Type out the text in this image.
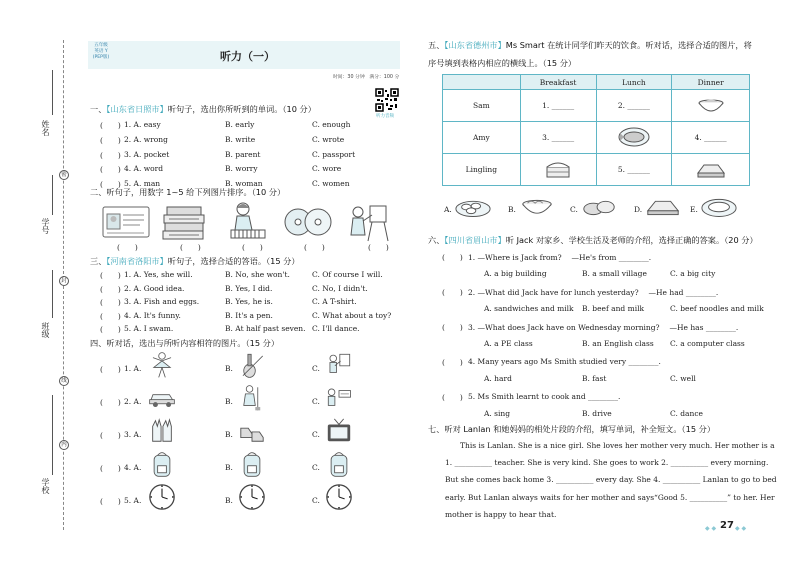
姓名
学号
班级
学校
密
封
线
内
五年级
英语 Y
(PEP版)	听力（一）
时间：30 分钟　满分：100 分
听力音频
一、【山东省日照市】听句子，选出你所听到的单词。（10 分）
二、听句子，用数字 1~5 给下列图片排序。（10 分）
三、【河南省洛阳市】听句子，选择合适的答语。（15 分）
四、听对话，选出与所听内容相符的图片。（15 分）
五、【山东省德州市】Ms Smart 在统计同学们昨天的饮食。听对话，选择合适的图片，将
序号填到表格内相应的横线上。（15 分）
	Breakfast	Lunch	Dinner
Sam	1. ______	2. ______	

Amy	3. ______		4. ______
Lingling		5. ______	
六、【四川省眉山市】听 Jack 对家乡、学校生活及老师的介绍，选择正确的答案。（20 分）
七、听对 Lanlan 和她妈妈的相处片段的介绍，填写单词，补全短文。（15 分）
◆ ◆ 27 ◆ ◆
(　　) 1. A. easy	B. early	C. enough
(　　) 2. A. wrong	B. write	C. wrote
(　　) 3. A. pocket	B. parent	C. passport
(　　) 4. A. word	B. worry	C. wore
(　　) 5. A. man	B. woman	C. women
(　　)	(　　)	(　　)	(　　)	(　　)
(　　) 1. A. Yes, she will.	B. No, she won't.	C. Of course I will.
(　　) 2. A. Good idea.	B. Yes, I did.	C. No, I didn't.
(　　) 3. A. Fish and eggs.	B. Yes, he is.	C. A T-shirt.
(　　) 4. A. It's funny.	B. It's a pen.	C. What about a toy?
(　　) 5. A. I swam.	B. At half past seven. C. I'll dance.
(　　) 1. A.	B.	C.
(　　) 2. A.	B.	C.
(　　) 3. A.	B.	C.
(　　) 4. A.	B.	C.
(　　) 5. A.	B.	C.
A.	B.	C.	D.	E.
(　　) 1. —Where is Jack from? 　—He's from ________.
A. a big building	B. a small village	C. a big city
(　　) 2. —What did Jack have for lunch yesterday? 　—He had ________.
A. sandwiches and milk B. beef and milk	C. beef noodles and milk
(　　) 3. —What does Jack have on Wednesday morning? 　—He has ________.
A. a PE class	B. an English class C. a computer class
(　　) 4. Many years ago Ms Smith studied very ________.
A. hard	B. fast	C. well
(　　) 5. Ms Smith learnt to cook and ________.
A. sing	B. drive	C. dance
This is Lanlan. She is a nice girl. She loves her mother very much. Her mother is a
1. __________ teacher. She is very kind. She goes to work 2. __________ every morning.
But she comes back home 3. __________ every day. She 4. __________ Lanlan to go to bed
early. But Lanlan always waits for her mother and says“Good 5. __________” to her. Her
mother is happy to hear that.
